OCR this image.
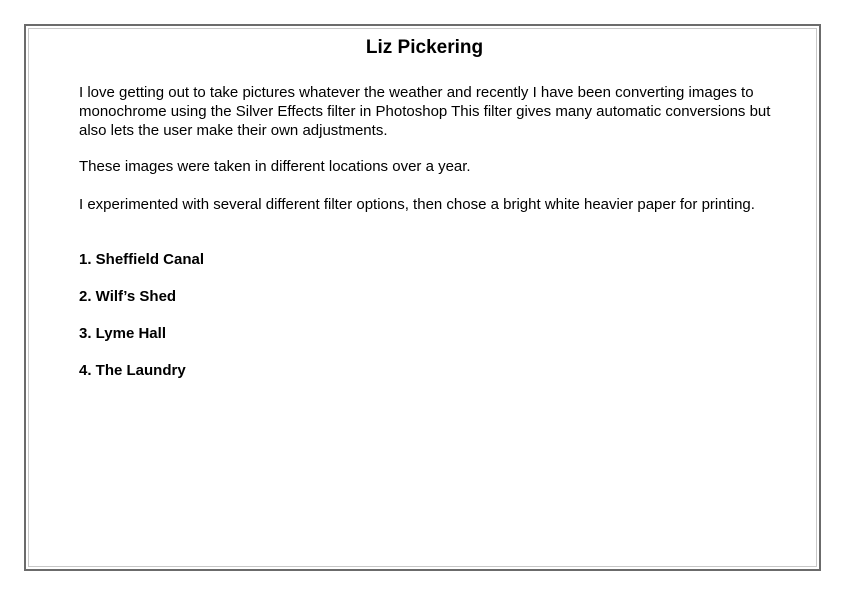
Liz Pickering

I love getting out to take pictures whatever the weather and recently I have been converting images to monochrome using the Silver Effects filter in Photoshop This filter gives many automatic conversions but also lets the user make their own adjustments.

These images were taken in different locations over a year.

I experimented with several different filter options, then chose a bright white heavier paper for printing.

1. Sheffield Canal

2. Wilf’s Shed

3. Lyme Hall

4. The Laundry
